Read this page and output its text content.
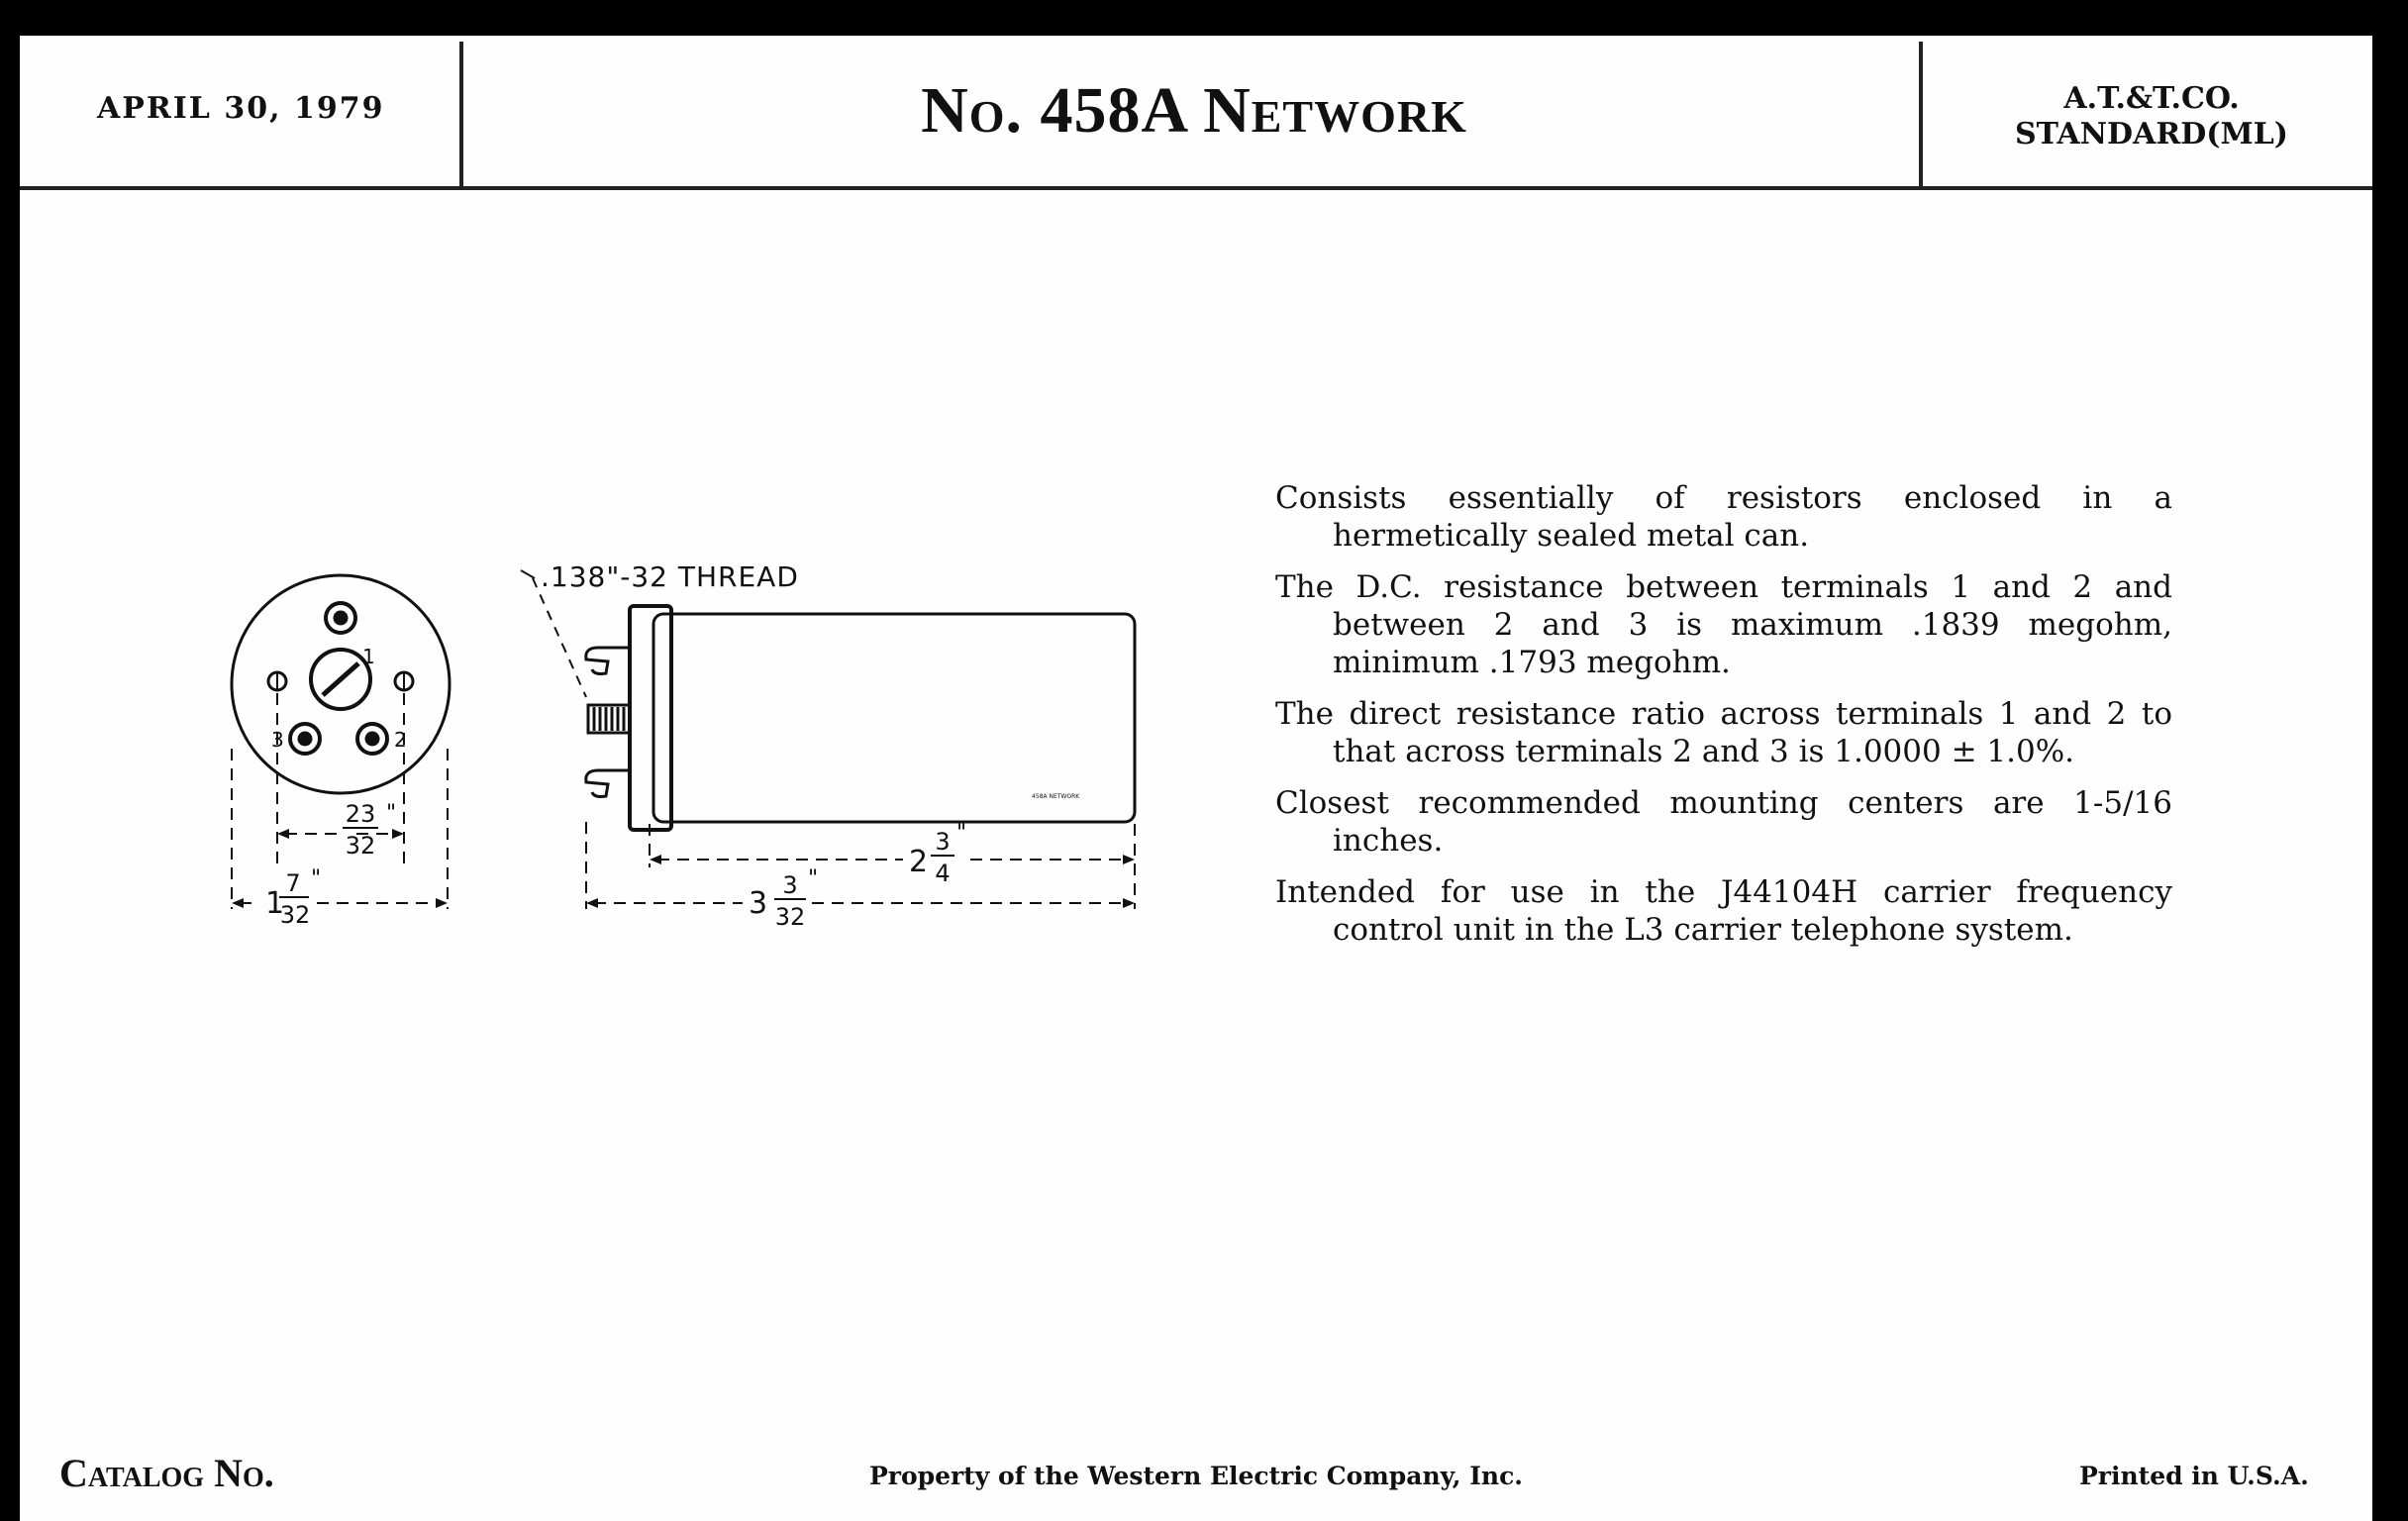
APRIL 30, 1979	No. 458A Network	A.T.&T.CO.
STANDARD(ML)
.138"-32 THREAD
1
2
3
458A NETWORK
23
32
"
1
7
32
"	2
3
4
"
3
3
32
"

Consists essentially of resistors enclosed in a hermetically sealed metal can.

The D.C. resistance between terminals 1 and 2 and between 2 and 3 is maximum .1839 megohm, minimum .1793 megohm.

The direct resistance ratio across terminals 1 and 2 to that across terminals 2 and 3 is 1.0000 ± 1.0%.

Closest recommended mounting centers are 1-5/16 inches.

Intended for use in the J44104H carrier frequency control unit in the L3 carrier telephone system.

Catalog No.	Property of the Western Electric Company, Inc.	Printed in U.S.A.
